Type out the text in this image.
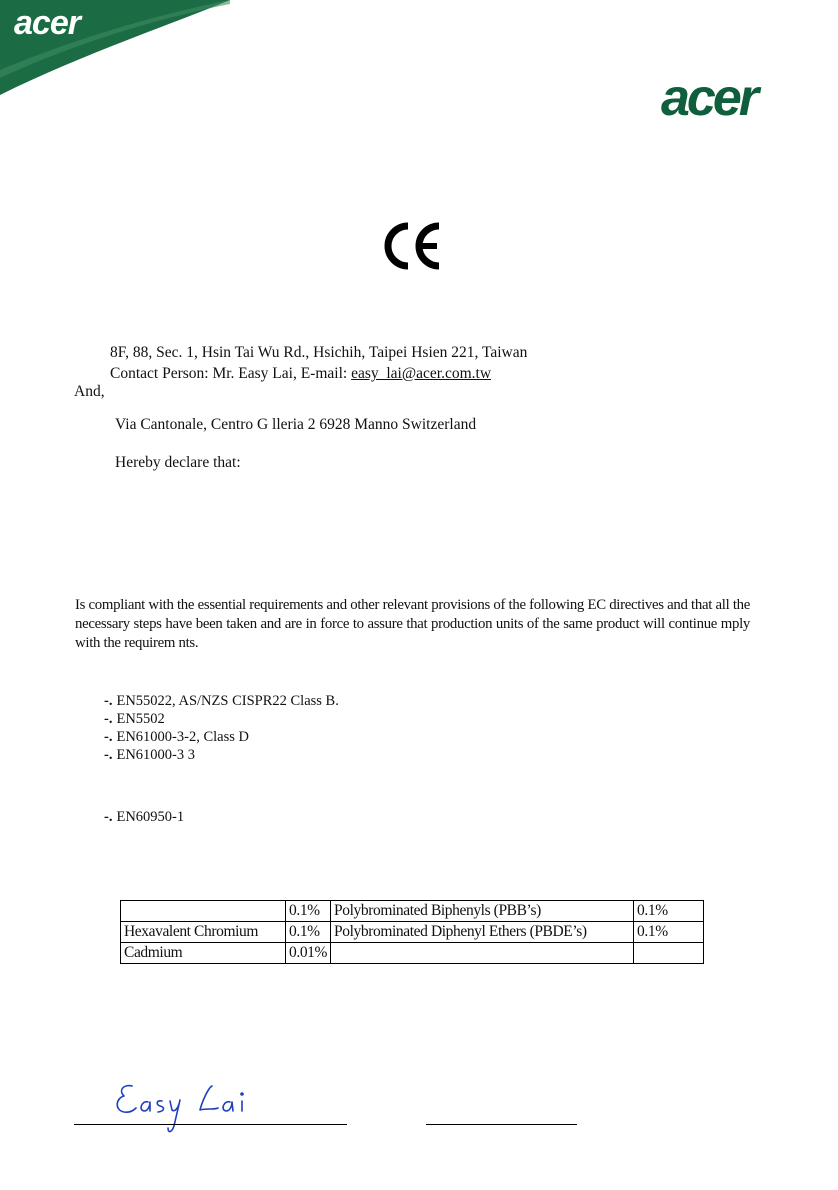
acer
acer
8F, 88, Sec. 1, Hsin Tai Wu Rd., Hsichih, Taipei Hsien 221, Taiwan
Contact Person: Mr. Easy Lai, E-mail: easy_lai@acer.com.tw
And,
Via Cantonale, Centro G lleria 2 6928 Manno Switzerland
Hereby declare that:
Is compliant with the essential requirements and other relevant provisions of the following EC directives and that all the necessary steps have been taken and are in force to assure that production units of the same product will continue mply with the requirem nts.
-. EN55022, AS/NZS CISPR22 Class B.
-. EN5502
-. EN61000-3-2, Class D
-. EN61000-3 3
-. EN60950-1
	0.1%	Polybrominated Biphenyls (PBB’s)	0.1%
Hexavalent Chromium	0.1%	Polybrominated Diphenyl Ethers (PBDE’s)	0.1%
Cadmium	0.01%		
